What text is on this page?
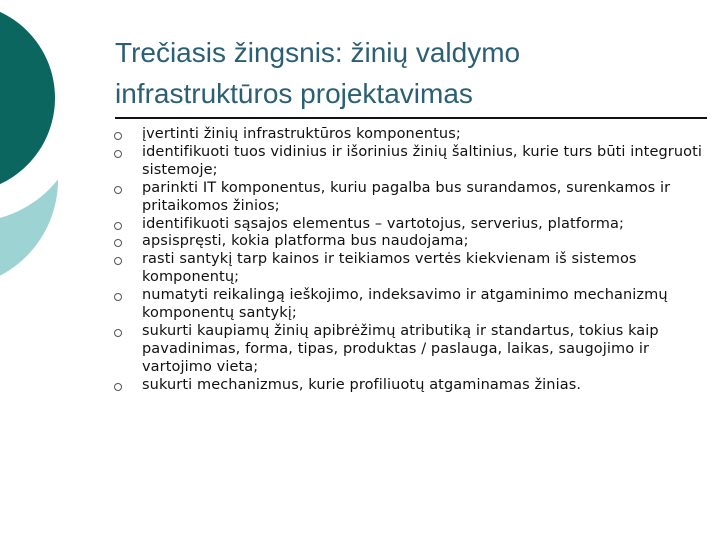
Trečiasis žingsnis: žinių valdymo infrastruktūros projektavimas
įvertinti žinių infrastruktūros komponentus;
identifikuoti tuos vidinius ir išorinius žinių šaltinius, kurie turs būti integruoti sistemoje;
parinkti IT komponentus, kuriu pagalba bus surandamos, surenkamos ir pritaikomos žinios;
identifikuoti sąsajos elementus – vartotojus, serverius, platforma;
apsispręsti, kokia platforma bus naudojama;
rasti santykį tarp kainos ir teikiamos vertės kiekvienam iš sistemos komponentų;
numatyti reikalingą ieškojimo, indeksavimo ir atgaminimo mechanizmų komponentų santykį;
sukurti kaupiamų žinių apibrėžimų atributiką ir standartus, tokius kaip pavadinimas, forma, tipas, produktas / paslauga, laikas, saugojimo ir vartojimo vieta;
sukurti mechanizmus, kurie profiliuotų atgaminamas žinias.
